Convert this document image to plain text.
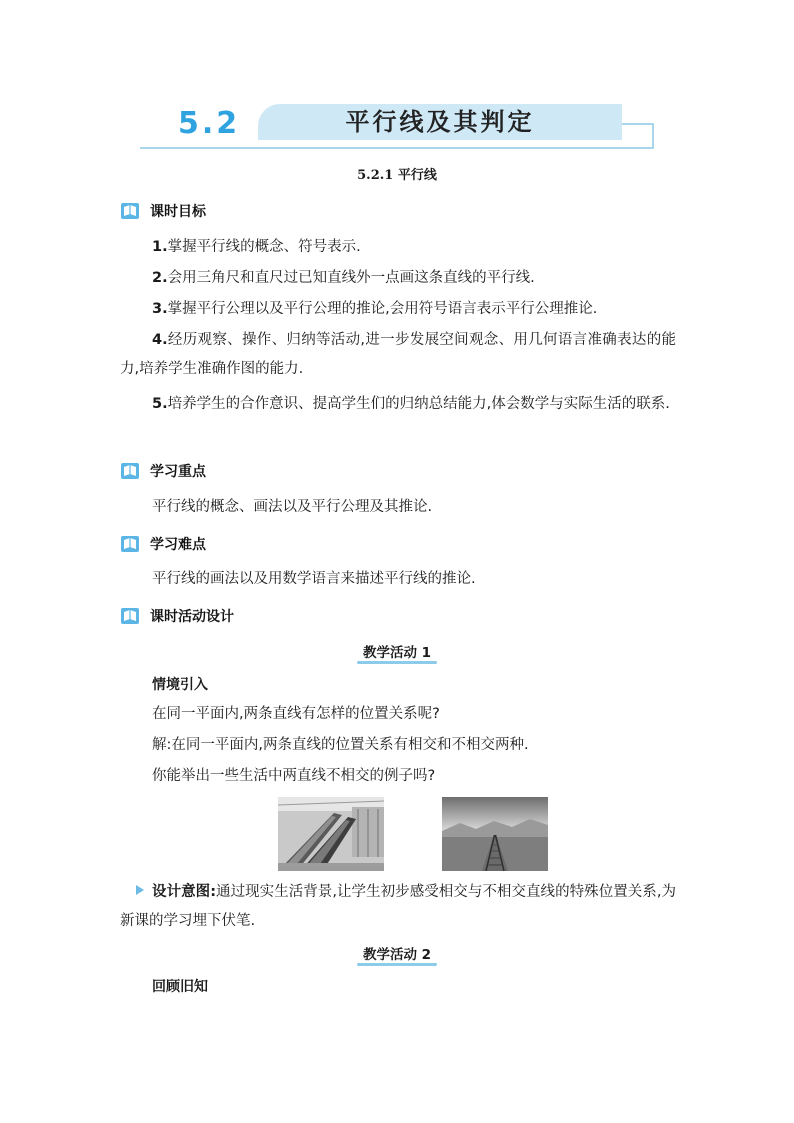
5.2	平行线及其判定
5.2.1 平行线
课时目标
1.掌握平行线的概念、符号表示.
2.会用三角尺和直尺过已知直线外一点画这条直线的平行线.
3.掌握平行公理以及平行公理的推论,会用符号语言表示平行公理推论.
4.经历观察、操作、归纳等活动,进一步发展空间观念、用几何语言准确表达的能力,培养学生准确作图的能力.
5.培养学生的合作意识、提高学生们的归纳总结能力,体会数学与实际生活的联系.
学习重点
平行线的概念、画法以及平行公理及其推论.
学习难点
平行线的画法以及用数学语言来描述平行线的推论.
课时活动设计
教学活动 1
情境引入
在同一平面内,两条直线有怎样的位置关系呢?
解:在同一平面内,两条直线的位置关系有相交和不相交两种.
你能举出一些生活中两直线不相交的例子吗?
设计意图:通过现实生活背景,让学生初步感受相交与不相交直线的特殊位置关系,为新课的学习埋下伏笔.
教学活动 2
回顾旧知
